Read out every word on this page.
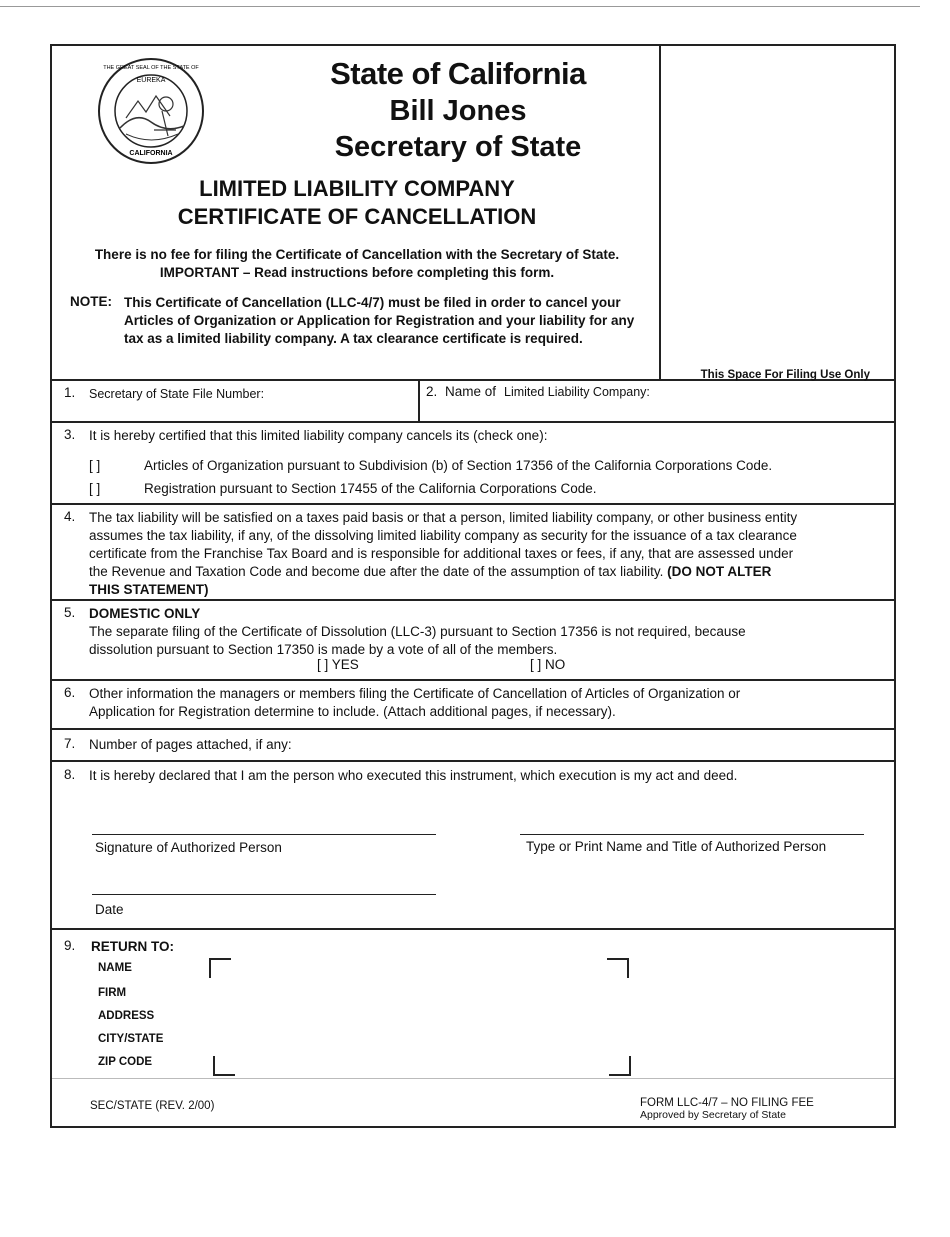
EUREKA
CALIFORNIA
THE GREAT SEAL OF THE STATE OF	State of California
Bill Jones
Secretary of State
LIMITED LIABILITY COMPANY
CERTIFICATE OF CANCELLATION
There is no fee for filing the Certificate of Cancellation with the Secretary of State.
IMPORTANT – Read instructions before completing this form.
NOTE: This Certificate of Cancellation (LLC-4/7) must be filed in order to cancel your Articles of Organization or Application for Registration and your liability for any tax as a limited liability company. A tax clearance certificate is required.
This Space For Filing Use Only
1. Secretary of State File Number:	2. Name of Limited Liability Company:
3. It is hereby certified that this limited liability company cancels its (check one):
[ ]	Articles of Organization pursuant to Subdivision (b) of Section 17356 of the California Corporations Code.
[ ]	Registration pursuant to Section 17455 of the California Corporations Code.
4. The tax liability will be satisfied on a taxes paid basis or that a person, limited liability company, or other business entity
assumes the tax liability, if any, of the dissolving limited liability company as security for the issuance of a tax clearance
certificate from the Franchise Tax Board and is responsible for additional taxes or fees, if any, that are assessed under
the Revenue and Taxation Code and become due after the date of the assumption of tax liability. (DO NOT ALTER
THIS STATEMENT)
5. DOMESTIC ONLY
The separate filing of the Certificate of Dissolution (LLC-3) pursuant to Section 17356 is not required, because
dissolution pursuant to Section 17350 is made by a vote of all of the members.
[ ] YES	[ ] NO
6. Other information the managers or members filing the Certificate of Cancellation of Articles of Organization or
Application for Registration determine to include. (Attach additional pages, if necessary).
7. Number of pages attached, if any:
8. It is hereby declared that I am the person who executed this instrument, which execution is my act and deed.
Signature of Authorized Person	Type or Print Name and Title of Authorized Person
Date
9. RETURN TO:
NAME
FIRM
ADDRESS
CITY/STATE
ZIP CODE
SEC/STATE (REV. 2/00)	FORM LLC-4/7 – NO FILING FEE
Approved by Secretary of State
